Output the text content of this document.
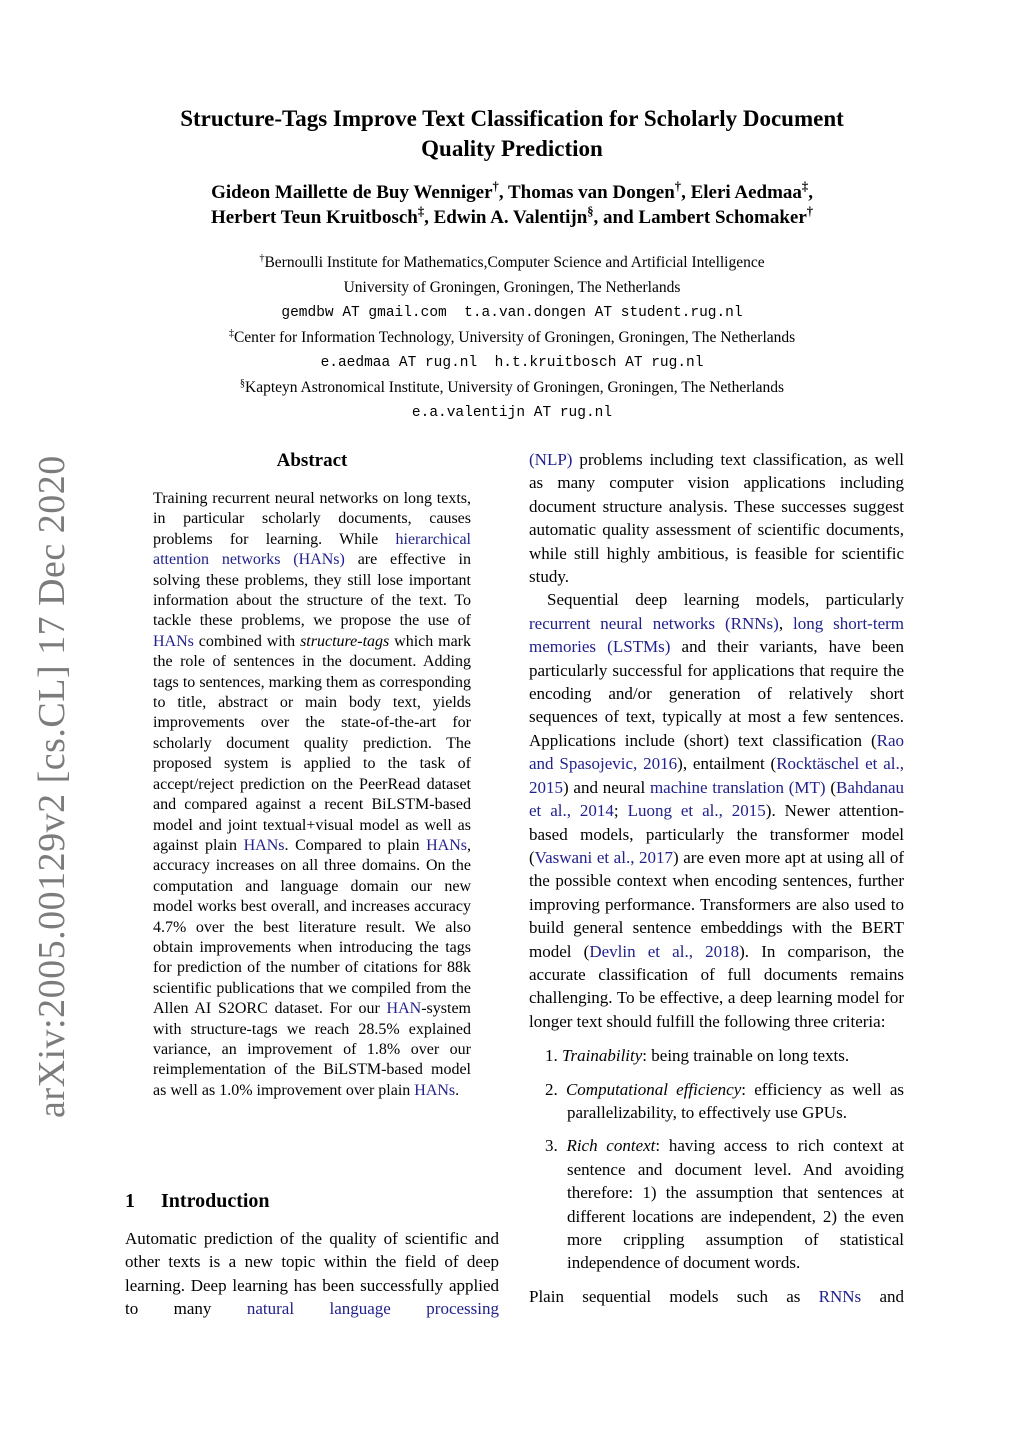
arXiv:2005.00129v2 [cs.CL] 17 Dec 2020
Structure-Tags Improve Text Classification for Scholarly Document
Quality Prediction
Gideon Maillette de Buy Wenniger†, Thomas van Dongen†, Eleri Aedmaa‡,
Herbert Teun Kruitbosch‡, Edwin A. Valentijn§, and Lambert Schomaker†
†Bernoulli Institute for Mathematics,Computer Science and Artificial Intelligence
University of Groningen, Groningen, The Netherlands
gemdbw AT gmail.com  t.a.van.dongen AT student.rug.nl
‡Center for Information Technology, University of Groningen, Groningen, The Netherlands
e.aedmaa AT rug.nl  h.t.kruitbosch AT rug.nl
§Kapteyn Astronomical Institute, University of Groningen, Groningen, The Netherlands
e.a.valentijn AT rug.nl
Abstract
Training recurrent neural networks on long texts, in particular scholarly documents, causes problems for learning. While hierarchical attention networks (HANs) are effective in solving these problems, they still lose important information about the structure of the text. To tackle these problems, we propose the use of HANs combined with structure-tags which mark the role of sentences in the document. Adding tags to sentences, marking them as corresponding to title, abstract or main body text, yields improvements over the state-of-the-art for scholarly document quality prediction. The proposed system is applied to the task of accept/reject prediction on the PeerRead dataset and compared against a recent BiLSTM-based model and joint textual+visual model as well as against plain HANs. Compared to plain HANs, accuracy increases on all three domains. On the computation and language domain our new model works best overall, and increases accuracy 4.7% over the best literature result. We also obtain improvements when introducing the tags for prediction of the number of citations for 88k scientific publications that we compiled from the Allen AI S2ORC dataset. For our HAN-system with structure-tags we reach 28.5% explained variance, an improvement of 1.8% over our reimplementation of the BiLSTM-based model as well as 1.0% improvement over plain HANs.
1 Introduction
Automatic prediction of the quality of scientific and other texts is a new topic within the field of deep learning. Deep learning has been successfully applied to many natural language processing
(NLP) problems including text classification, as well as many computer vision applications including document structure analysis. These successes suggest automatic quality assessment of scientific documents, while still highly ambitious, is feasible for scientific study.
Sequential deep learning models, particularly recurrent neural networks (RNNs), long short-term memories (LSTMs) and their variants, have been particularly successful for applications that require the encoding and/or generation of relatively short sequences of text, typically at most a few sentences. Applications include (short) text classification (Rao and Spasojevic, 2016), entailment (Rocktäschel et al., 2015) and neural machine translation (MT) (Bahdanau et al., 2014; Luong et al., 2015). Newer attention-based models, particularly the transformer model (Vaswani et al., 2017) are even more apt at using all of the possible context when encoding sentences, further improving performance. Transformers are also used to build general sentence embeddings with the BERT model (Devlin et al., 2018). In comparison, the accurate classification of full documents remains challenging. To be effective, a deep learning model for longer text should fulfill the following three criteria:
1. Trainability: being trainable on long texts.
2. Computational efficiency: efficiency as well as parallelizability, to effectively use GPUs.
3. Rich context: having access to rich context at sentence and document level. And avoiding therefore: 1) the assumption that sentences at different locations are independent, 2) the even more crippling assumption of statistical independence of document words.
Plain sequential models such as RNNs and
